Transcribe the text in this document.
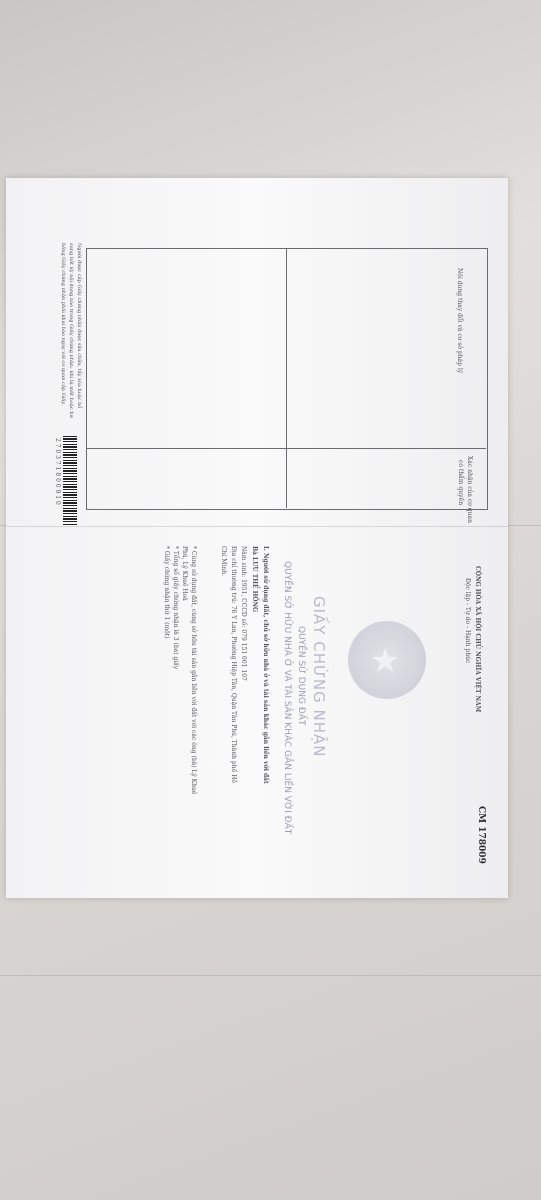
Nội dung thay đổi và cơ sở pháp lý
Xác nhận của cơ quan
có thẩm quyền
2 7 0 3 7 1 8 0 0 9 1 0
Người được cấp Giấy chứng nhận được sửa chữa, tẩy xóa hoặc bổ
sung bất kỳ nội dung nào trong Giấy chứng nhận; khi bị mất hoặc hư
hỏng Giấy chứng nhận phải khai báo ngay với cơ quan cấp Giấy.
CỘNG HÒA XÃ HỘI CHỦ NGHĨA VIỆT NAM
Độc lập - Tự do - Hạnh phúc
★
GIẤY CHỨNG NHẬN
QUYỀN SỬ DỤNG ĐẤT
QUYỀN SỞ HỮU NHÀ Ở VÀ TÀI SẢN KHÁC GẮN LIỀN VỚI ĐẤT
I. Người sử dụng đất, chủ sở hữu nhà ở và tài sản khác gắn liền với đất
Bà LƯU THỂ HỒNG
Năm sinh: 1951, CCCD số: 079 151 001 107
Địa chỉ thường trú: 76 Y Lan, Phường Hiệp Tân, Quận Tân Phú, Thành phố Hồ
Chí Minh.
* Cùng sử dụng đất, cùng sở hữu tài sản gắn liền với đất với các ông (bà) Lý Khuê
Phú, Lý Khuê Hoà
* Tổng số giấy chứng nhận là 3 (ba) giấy
* Giấy chứng nhận thứ 1 (một)
CM 178009
